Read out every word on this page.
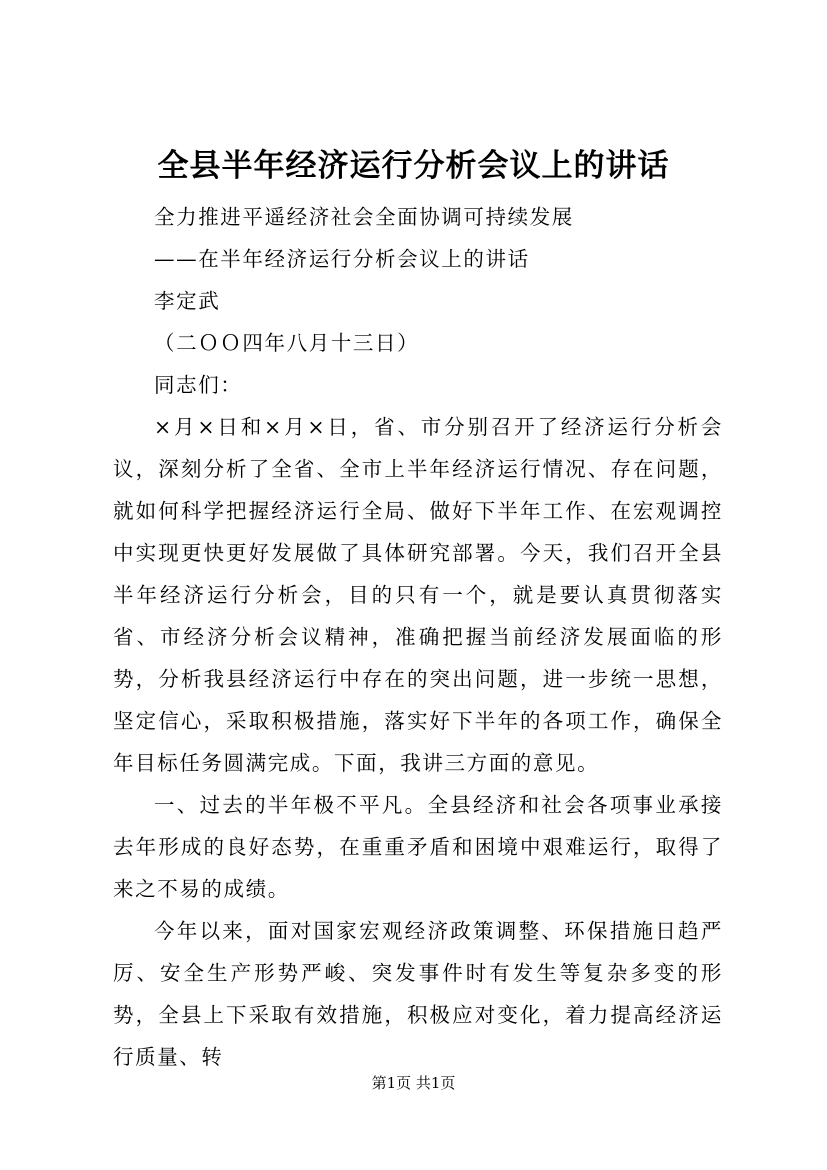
全县半年经济运行分析会议上的讲话

全力推进平遥经济社会全面协调可持续发展

——在半年经济运行分析会议上的讲话

李定武

（二ＯＯ四年八月十三日）

同志们：

×月×日和×月×日，省、市分别召开了经济运行分析会议，深刻分析了全省、全市上半年经济运行情况、存在问题，就如何科学把握经济运行全局、做好下半年工作、在宏观调控中实现更快更好发展做了具体研究部署。今天，我们召开全县半年经济运行分析会，目的只有一个，就是要认真贯彻落实省、市经济分析会议精神，准确把握当前经济发展面临的形势，分析我县经济运行中存在的突出问题，进一步统一思想，坚定信心，采取积极措施，落实好下半年的各项工作，确保全年目标任务圆满完成。下面，我讲三方面的意见。

一、过去的半年极不平凡。全县经济和社会各项事业承接去年形成的良好态势，在重重矛盾和困境中艰难运行，取得了来之不易的成绩。

今年以来，面对国家宏观经济政策调整、环保措施日趋严厉、安全生产形势严峻、突发事件时有发生等复杂多变的形势，全县上下采取有效措施，积极应对变化，着力提高经济运行质量、转

第1页 共1页
